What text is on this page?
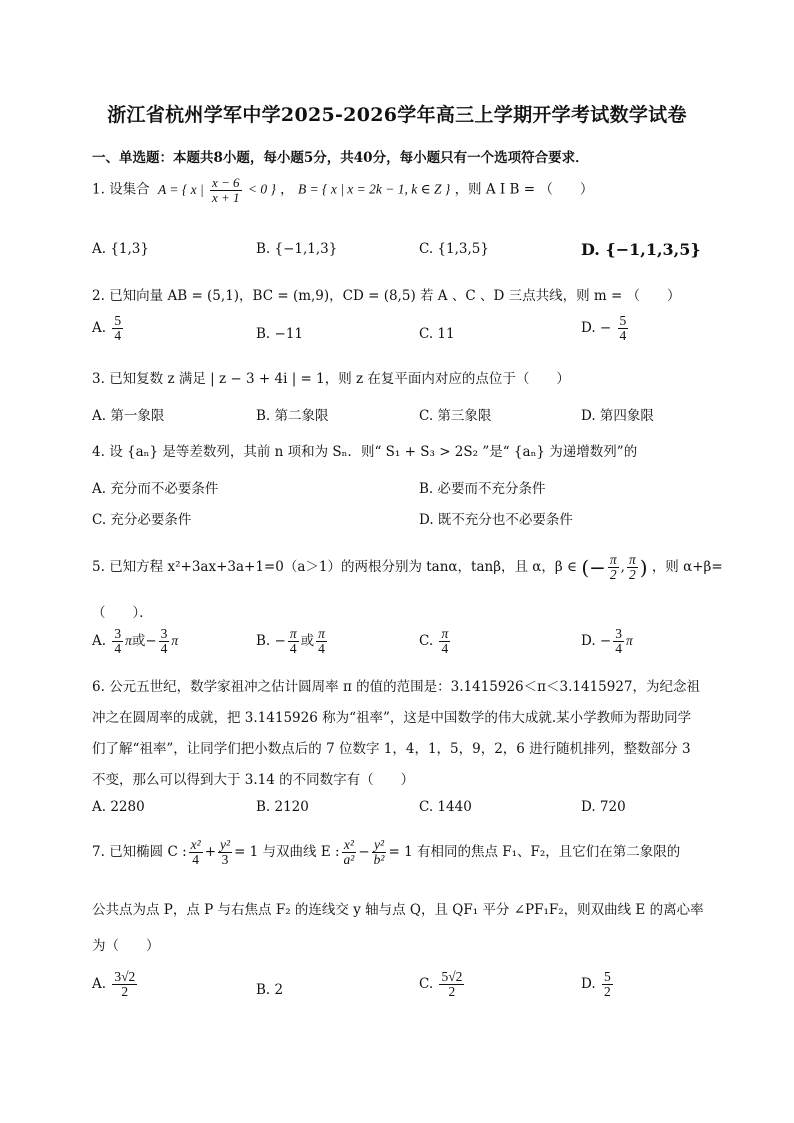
浙江省杭州学军中学2025-2026学年高三上学期开学考试数学试卷
一、单选题：本题共8小题，每小题5分，共40分，每小题只有一个选项符合要求．
1. 设集合 A = { x | $\frac{x - 6}{x + 1} < 0$ } ， B = { x | x = 2k − 1, k ∈ Z } ，则 A I B = （　　）
A. {1,3}	B. {−1,1,3}	C. {1,3,5}	D. {−1,1,3,5}
2. 已知向量 AB = (5,1)，BC = (m,9)，CD = (8,5) 若 A 、C 、D 三点共线，则 m = （　　）
A. $\frac{5}{4}$	B. −11	C. 11	D. − $\frac{5}{4}$
3. 已知复数 z 满足 | z − 3 + 4i | = 1，则 z 在复平面内对应的点位于（　　）
A. 第一象限	B. 第二象限	C. 第三象限	D. 第四象限
4. 设 {aₙ} 是等差数列，其前 n 项和为 Sₙ．则“ S₁ + S₃ > 2S₂ ”是“ {aₙ} 为递增数列”的
A. 充分而不必要条件	B. 必要而不充分条件
C. 充分必要条件	D. 既不充分也不必要条件
5. 已知方程 x²+3ax+3a+1=0（a＞1）的两根分别为 tanα，tanβ，且 α，β ∈ (− $\frac{\pi}{2}$ , $\frac{\pi}{2}$ ) ，则 α+β=
（　　）．
A. $\frac{3}{4}$ π或− $\frac{3}{4}$ π	B. − $\frac{\pi}{4}$ 或 $\frac{\pi}{4}$	C. $\frac{\pi}{4}$	D. − $\frac{3}{4}$ π
6. 公元五世纪，数学家祖冲之估计圆周率 π 的值的范围是：3.1415926＜π＜3.1415927，为纪念祖
冲之在圆周率的成就，把 3.1415926 称为“祖率”，这是中国数学的伟大成就.某小学教师为帮助同学
们了解“祖率”，让同学们把小数点后的 7 位数字 1，4，1，5，9，2，6 进行随机排列，整数部分 3
不变，那么可以得到大于 3.14 的不同数字有（　　）
A. 2280	B. 2120	C. 1440	D. 720
7. 已知椭圆 C : $\frac{\text{x²}}{4} + \frac{\text{y²}}{3} = 1$ 与双曲线 E : $\frac{\text{x²}}{\text{a²}} - \frac{\text{y²}}{\text{b²}} = 1$ 有相同的焦点 F₁、F₂，且它们在第二象限的
公共点为点 P，点 P 与右焦点 F₂ 的连线交 y 轴与点 Q，且 QF₁ 平分 ∠PF₁F₂，则双曲线 E 的离心率
为（　　）
A. $\frac{3√2}{2}$	B. 2	C. $\frac{5√2}{2}$	D. $\frac{5}{2}$
